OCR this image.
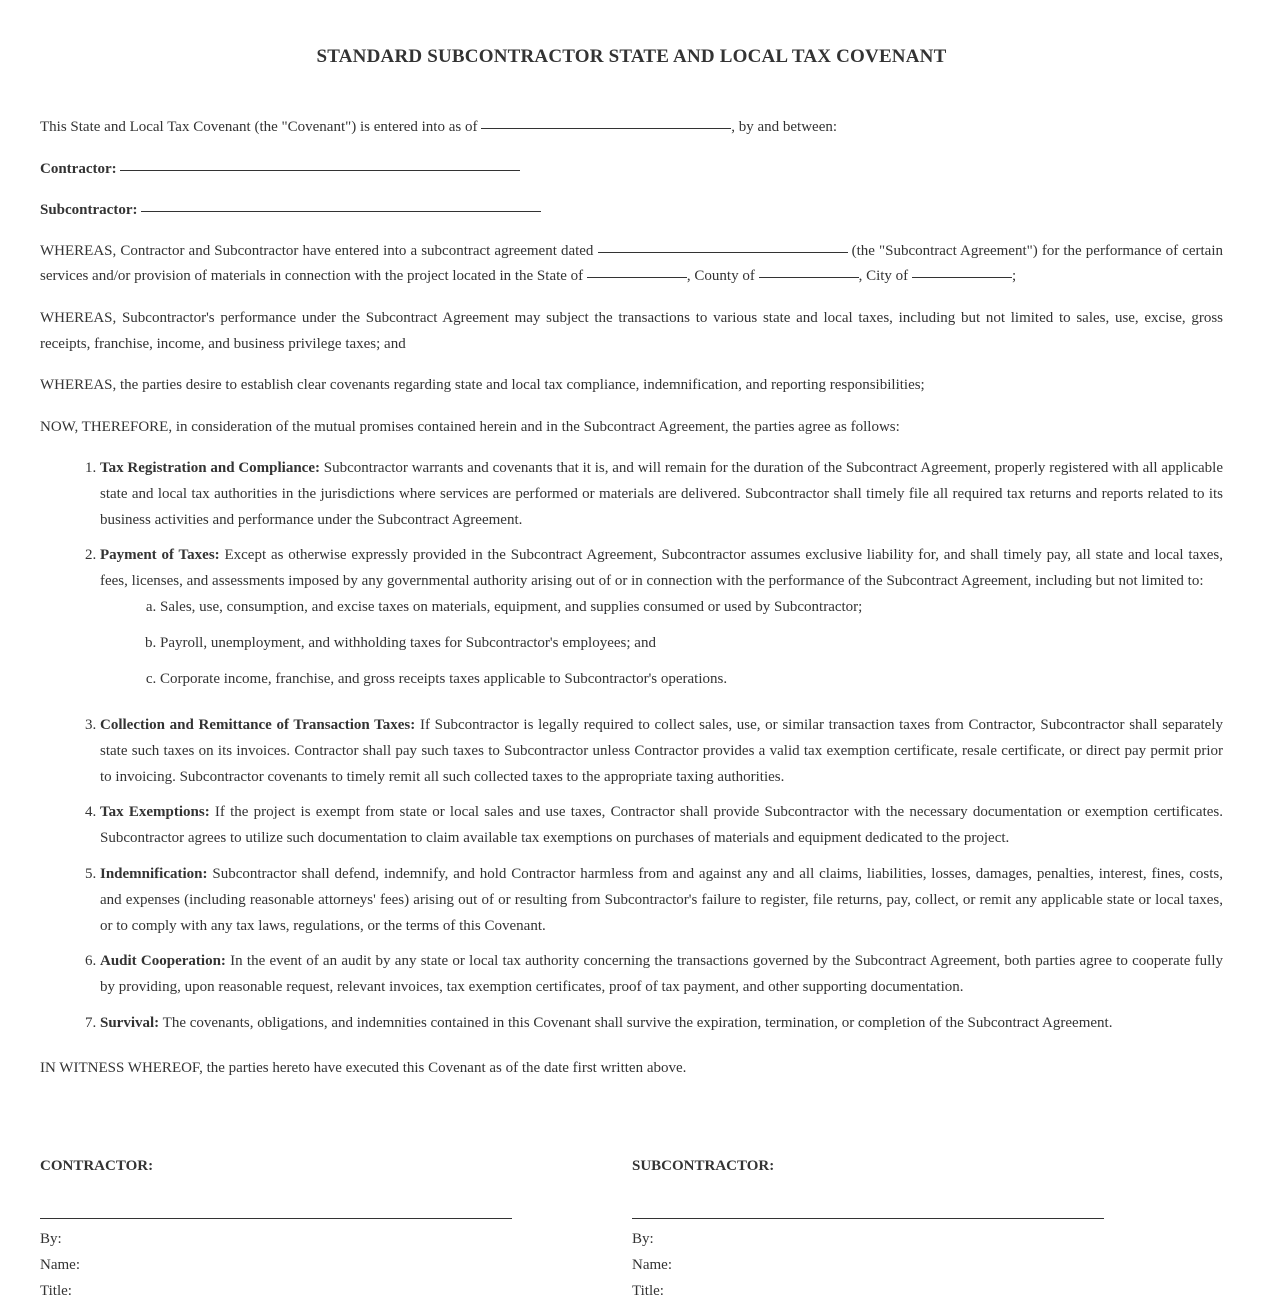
STANDARD SUBCONTRACTOR STATE AND LOCAL TAX COVENANT

This State and Local Tax Covenant (the "Covenant") is entered into as of	, by and between:

Contractor:

Subcontractor:

WHEREAS, Contractor and Subcontractor have entered into a subcontract agreement dated	(the "Subcontract Agreement") for the performance of certain services and/or provision of materials in connection with the project located in the State of	, County of	, City of	;

WHEREAS, Subcontractor's performance under the Subcontract Agreement may subject the transactions to various state and local taxes, including but not limited to sales, use, excise, gross receipts, franchise, income, and business privilege taxes; and

WHEREAS, the parties desire to establish clear covenants regarding state and local tax compliance, indemnification, and reporting responsibilities;

NOW, THEREFORE, in consideration of the mutual promises contained herein and in the Subcontract Agreement, the parties agree as follows:

1. Tax Registration and Compliance: Subcontractor warrants and covenants that it is, and will remain for the duration of the Subcontract Agreement, properly registered with all applicable state and local tax authorities in the jurisdictions where services are performed or materials are delivered. Subcontractor shall timely file all required tax returns and reports related to its business activities and performance under the Subcontract Agreement.
2. Payment of Taxes: Except as otherwise expressly provided in the Subcontract Agreement, Subcontractor assumes exclusive liability for, and shall timely pay, all state and local taxes, fees, licenses, and assessments imposed by any governmental authority arising out of or in connection with the performance of the Subcontract Agreement, including but not limited to:
a. Sales, use, consumption, and excise taxes on materials, equipment, and supplies consumed or used by Subcontractor;
b. Payroll, unemployment, and withholding taxes for Subcontractor's employees; and
c. Corporate income, franchise, and gross receipts taxes applicable to Subcontractor's operations.
3. Collection and Remittance of Transaction Taxes: If Subcontractor is legally required to collect sales, use, or similar transaction taxes from Contractor, Subcontractor shall separately state such taxes on its invoices. Contractor shall pay such taxes to Subcontractor unless Contractor provides a valid tax exemption certificate, resale certificate, or direct pay permit prior to invoicing. Subcontractor covenants to timely remit all such collected taxes to the appropriate taxing authorities.
4. Tax Exemptions: If the project is exempt from state or local sales and use taxes, Contractor shall provide Subcontractor with the necessary documentation or exemption certificates. Subcontractor agrees to utilize such documentation to claim available tax exemptions on purchases of materials and equipment dedicated to the project.
5. Indemnification: Subcontractor shall defend, indemnify, and hold Contractor harmless from and against any and all claims, liabilities, losses, damages, penalties, interest, fines, costs, and expenses (including reasonable attorneys' fees) arising out of or resulting from Subcontractor's failure to register, file returns, pay, collect, or remit any applicable state or local taxes, or to comply with any tax laws, regulations, or the terms of this Covenant.
6. Audit Cooperation: In the event of an audit by any state or local tax authority concerning the transactions governed by the Subcontract Agreement, both parties agree to cooperate fully by providing, upon reasonable request, relevant invoices, tax exemption certificates, proof of tax payment, and other supporting documentation.
7. Survival: The covenants, obligations, and indemnities contained in this Covenant shall survive the expiration, termination, or completion of the Subcontract Agreement.

IN WITNESS WHEREOF, the parties hereto have executed this Covenant as of the date first written above.

CONTRACTOR:
By:
Name:
Title:
SUBCONTRACTOR:
By:
Name:
Title:
